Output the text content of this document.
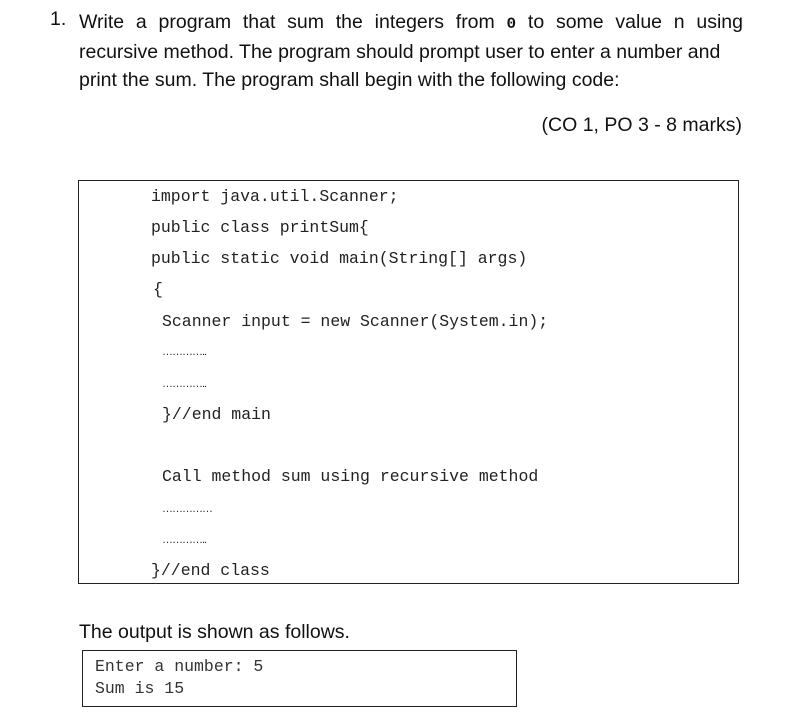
1. Write a program that sum the integers from 0 to some value n using
recursive method. The program should prompt user to enter a number and
print the sum. The program shall begin with the following code:
(CO 1, PO 3 - 8 marks)
import java.util.Scanner;
public class printSum{
public static void main(String[] args)
{
Scanner input = new Scanner(System.in);
…………..
…………..
}//end main
Call method sum using recursive method
……………
…………..
}//end class
The output is shown as follows.
Enter a number: 5
Sum is 15
